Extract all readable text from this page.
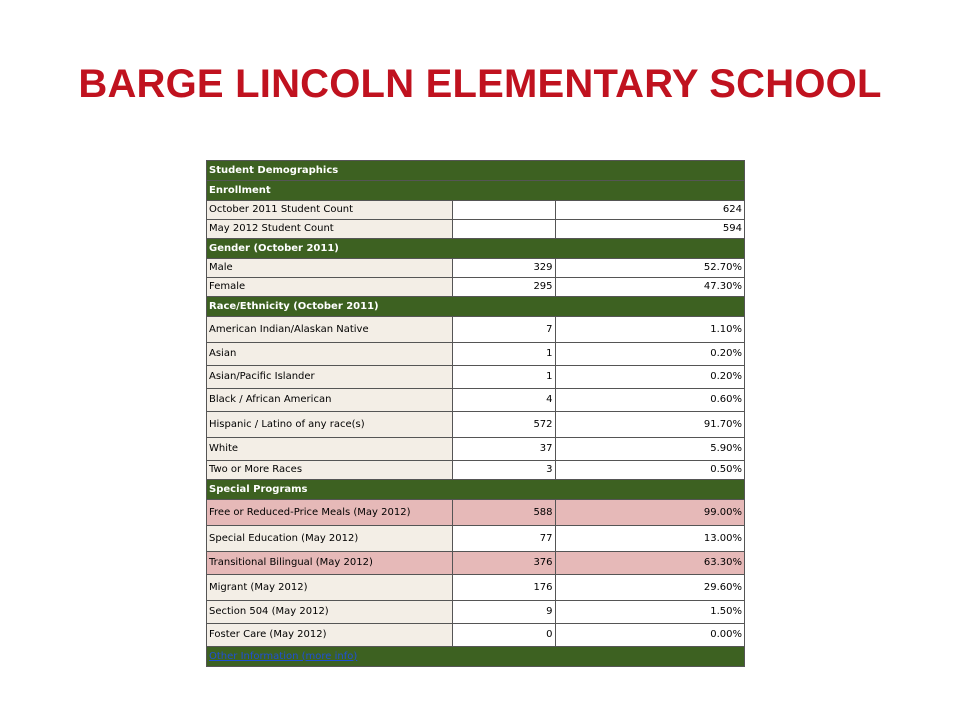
BARGE LINCOLN ELEMENTARY SCHOOL
Student Demographics		
Enrollment		
October 2011 Student Count		624
May 2012 Student Count		594
Gender (October 2011)		
Male	329	52.70%
Female	295	47.30%
Race/Ethnicity (October 2011)		
American Indian/Alaskan Native	7	1.10%
Asian	1	0.20%
Asian/Pacific Islander	1	0.20%
Black / African American	4	0.60%
Hispanic / Latino of any race(s)	572	91.70%
White	37	5.90%
Two or More Races	3	0.50%
Special Programs		
Free or Reduced-Price Meals (May 2012)	588	99.00%
Special Education (May 2012)	77	13.00%
Transitional Bilingual (May 2012)	376	63.30%
Migrant (May 2012)	176	29.60%
Section 504 (May 2012)	9	1.50%
Foster Care (May 2012)	0	0.00%
Other Information (more info)		
